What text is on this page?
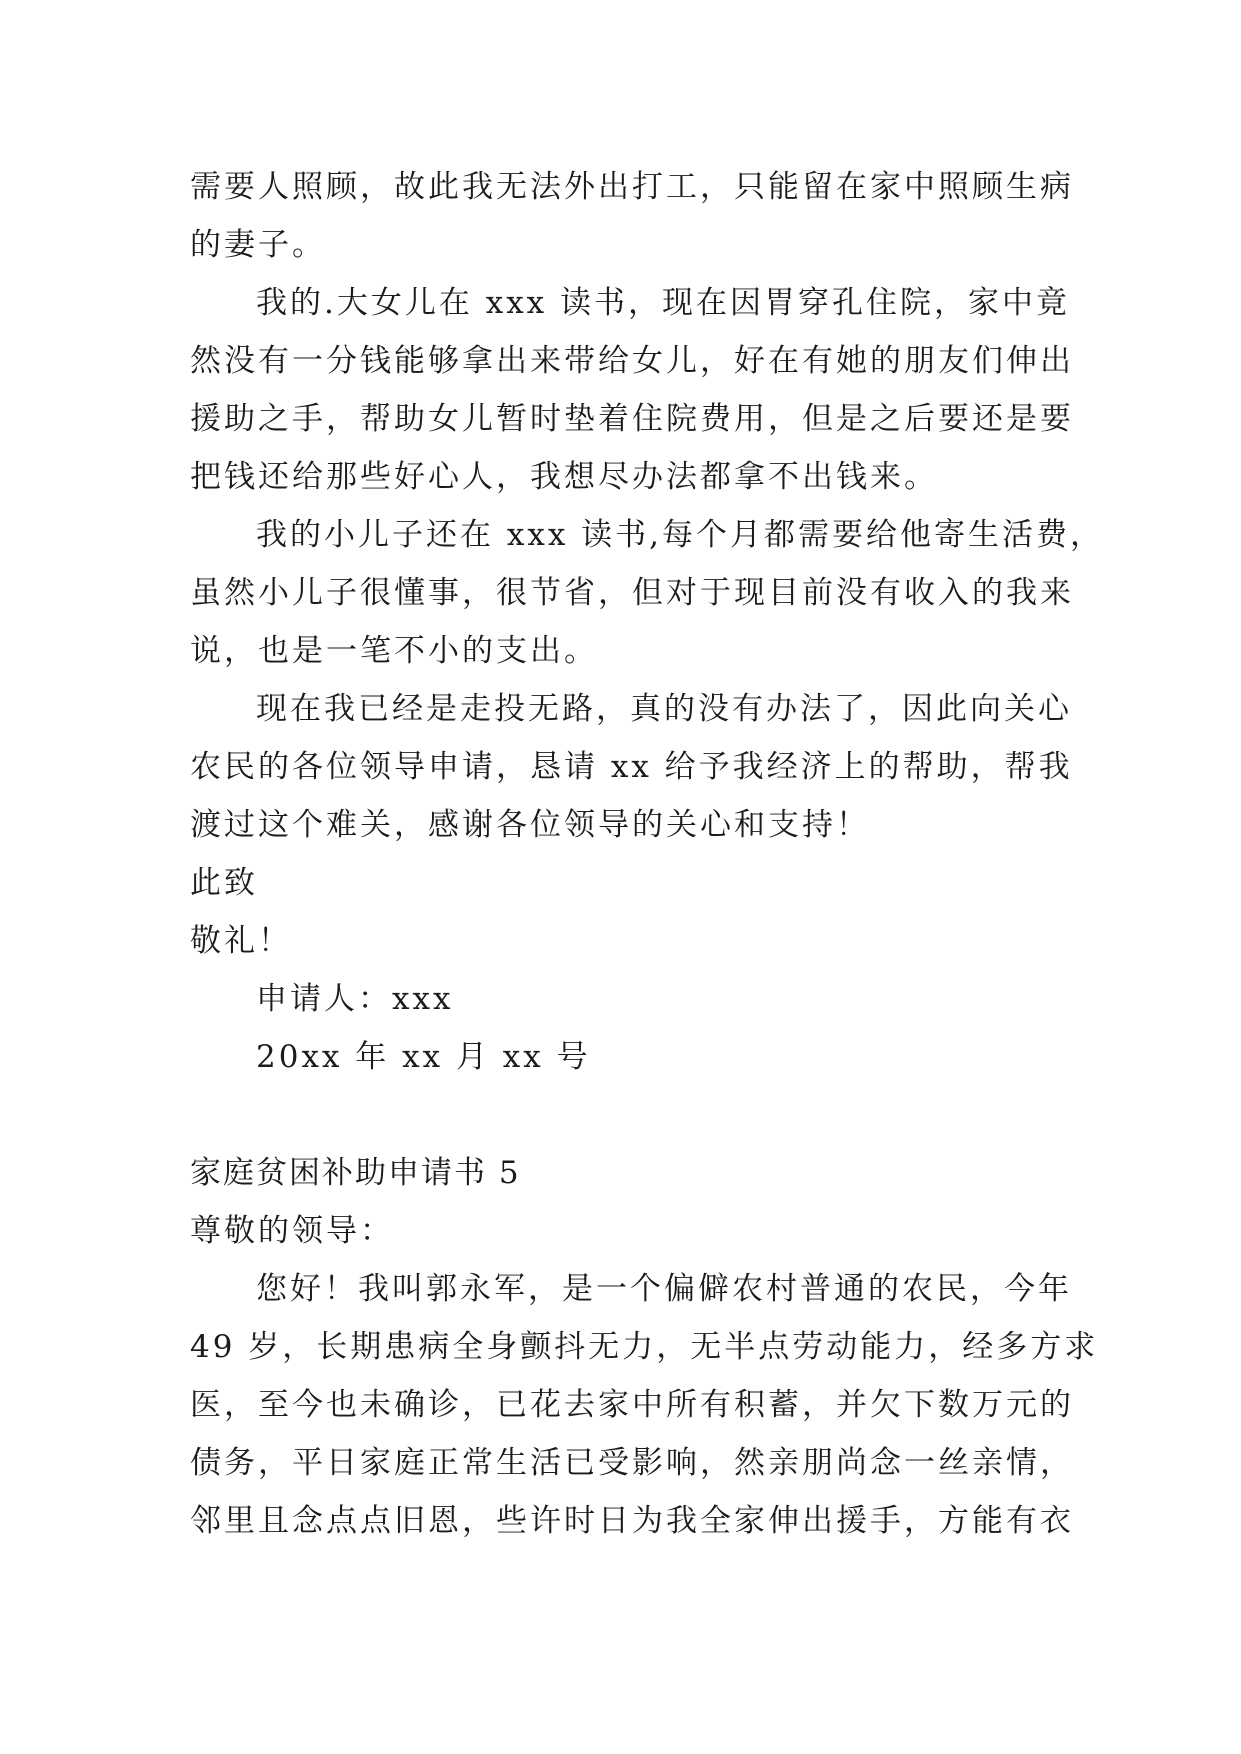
需要人照顾，故此我无法外出打工，只能留在家中照顾生病

的妻子。

我的.大女儿在 xxx 读书，现在因胃穿孔住院，家中竟

然没有一分钱能够拿出来带给女儿，好在有她的朋友们伸出

援助之手，帮助女儿暂时垫着住院费用，但是之后要还是要

把钱还给那些好心人，我想尽办法都拿不出钱来。

我的小儿子还在 xxx 读书,每个月都需要给他寄生活费，

虽然小儿子很懂事，很节省，但对于现目前没有收入的我来

说，也是一笔不小的支出。

现在我已经是走投无路，真的没有办法了，因此向关心

农民的各位领导申请，恳请 xx 给予我经济上的帮助，帮我

渡过这个难关，感谢各位领导的关心和支持！

此致

敬礼！

申请人：xxx

20xx 年 xx 月 xx 号

家庭贫困补助申请书 5

尊敬的领导：

您好！我叫郭永军，是一个偏僻农村普通的农民，今年

49 岁，长期患病全身颤抖无力，无半点劳动能力，经多方求

医，至今也未确诊，已花去家中所有积蓄，并欠下数万元的

债务，平日家庭正常生活已受影响，然亲朋尚念一丝亲情，

邻里且念点点旧恩，些许时日为我全家伸出援手，方能有衣
